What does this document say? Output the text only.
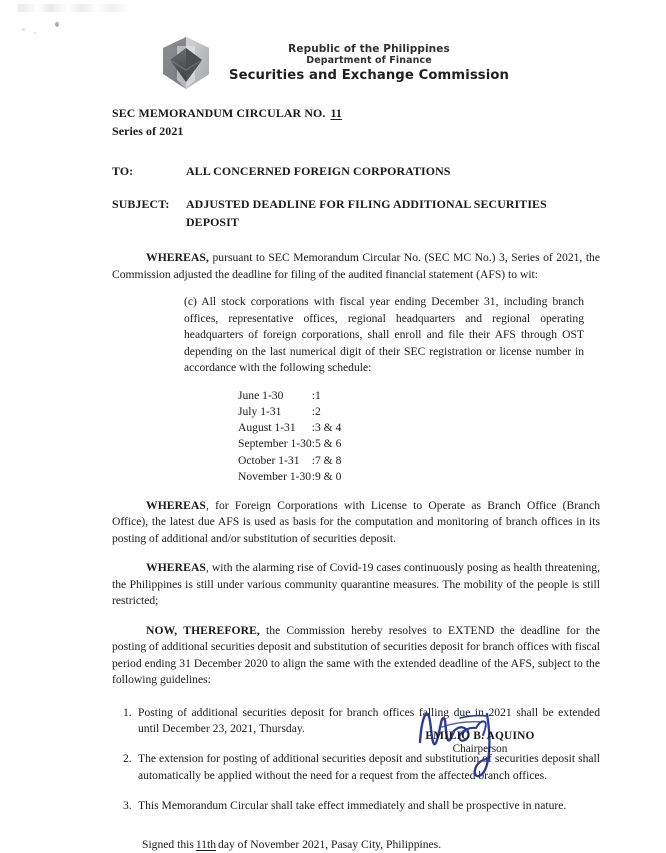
Republic of the Philippines
Department of Finance
Securities and Exchange Commission
SEC MEMORANDUM CIRCULAR NO. 11
Series of 2021
TO:	ALL CONCERNED FOREIGN CORPORATIONS
SUBJECT:	ADJUSTED DEADLINE FOR FILING ADDITIONAL SECURITIES DEPOSIT

WHEREAS, pursuant to SEC Memorandum Circular No. (SEC MC No.) 3, Series of 2021, the Commission adjusted the deadline for filing of the audited financial statement (AFS) to wit:

(c) All stock corporations with fiscal year ending December 31, including branch offices, representative offices, regional headquarters and regional operating headquarters of foreign corporations, shall enroll and file their AFS through OST depending on the last numerical digit of their SEC registration or license number in accordance with the following schedule:

June 1-30	:	1
July 1-31	:	2
August 1-31	:	3 & 4
September 1-30	:	5 & 6
October 1-31	:	7 & 8
November 1-30	:	9 & 0

WHEREAS, for Foreign Corporations with License to Operate as Branch Office (Branch Office), the latest due AFS is used as basis for the computation and monitoring of branch offices in its posting of additional and/or substitution of securities deposit.

WHEREAS, with the alarming rise of Covid-19 cases continuously posing as health threatening, the Philippines is still under various community quarantine measures. The mobility of the people is still restricted;

NOW, THEREFORE, the Commission hereby resolves to EXTEND the deadline for the posting of additional securities deposit and substitution of securities deposit for branch offices with fiscal period ending 31 December 2020 to align the same with the extended deadline of the AFS, subject to the following guidelines:

1. Posting of additional securities deposit for branch offices falling due in 2021 shall be extended until December 23, 2021, Thursday.
2. The extension for posting of additional securities deposit and substitution of securities deposit shall automatically be applied without the need for a request from the affected branch offices.
3. This Memorandum Circular shall take effect immediately and shall be prospective in nature.
Signed this 11th day of November 2021, Pasay City, Philippines.
EMILIO B. AQUINO
Chairperson
